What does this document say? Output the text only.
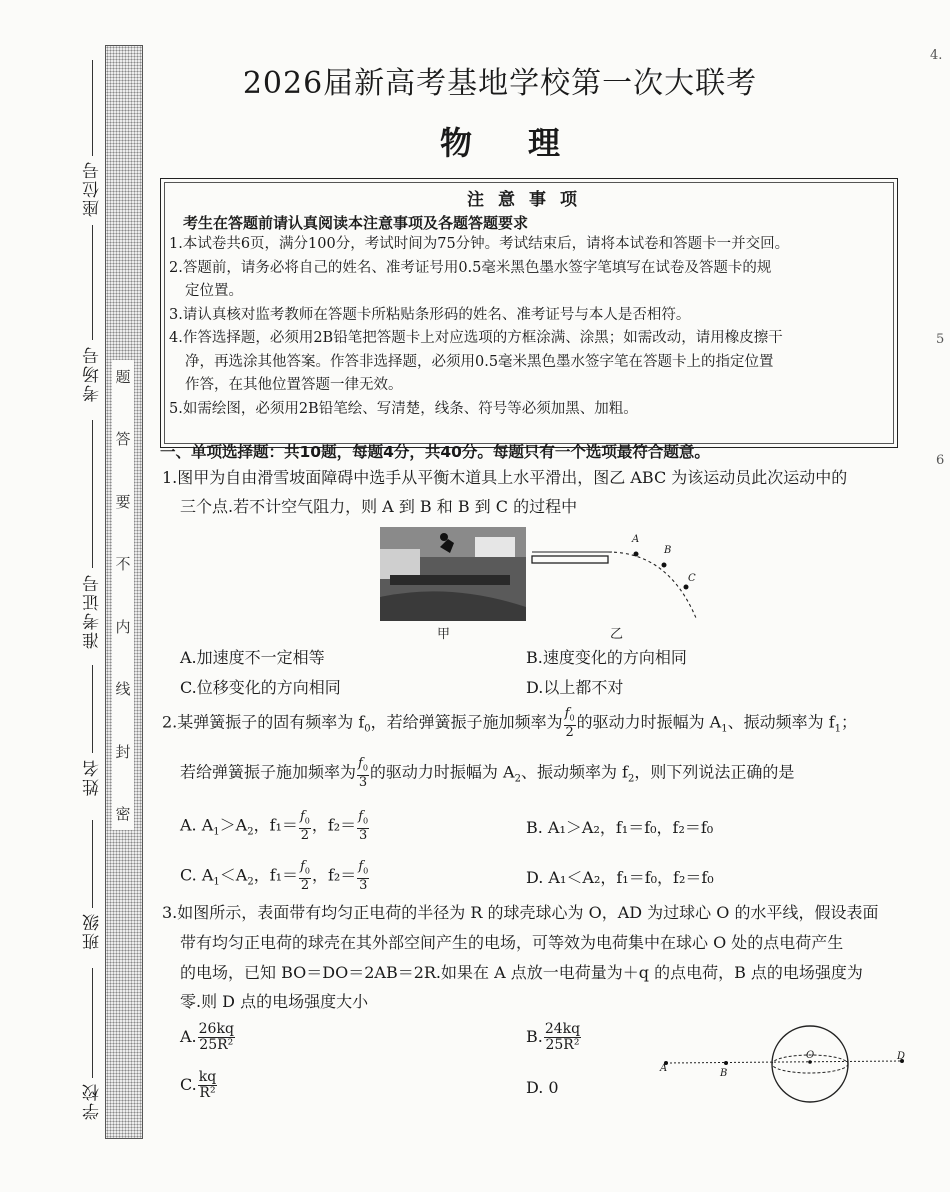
题
答
要
不
内
线
封
密
座位号
考场号
准考证号
姓名
班级
学校
4.
5
6
2026届新高考基地学校第一次大联考
物 理
注意事项
考生在答题前请认真阅读本注意事项及各题答题要求

1.本试卷共6页，满分100分，考试时间为75分钟。考试结束后，请将本试卷和答题卡一并交回。

2.答题前，请务必将自己的姓名、准考证号用0.5毫米黑色墨水签字笔填写在试卷及答题卡的规

定位置。

3.请认真核对监考教师在答题卡所粘贴条形码的姓名、准考证号与本人是否相符。

4.作答选择题，必须用2B铅笔把答题卡上对应选项的方框涂满、涂黑；如需改动，请用橡皮擦干

净，再选涂其他答案。作答非选择题，必须用0.5毫米黑色墨水签字笔在答题卡上的指定位置

作答，在其他位置答题一律无效。

5.如需绘图，必须用2B铅笔绘、写清楚，线条、符号等必须加黑、加粗。

一、单项选择题：共10题，每题4分，共40分。每题只有一个选项最符合题意。
1.图甲为自由滑雪坡面障碍中选手从平衡木道具上水平滑出，图乙 ABC 为该运动员此次运动中的
三个点.若不计空气阻力，则 A 到 B 和 B 到 C 的过程中
甲
A
B
C
乙
A.加速度不一定相等	B.速度变化的方向相同
C.位移变化的方向相同	D.以上都不对
2.某弹簧振子的固有频率为 $f_0$，若给弹簧振子施加频率为 $\frac{f_0}{2}$ 的驱动力时振幅为 $A_1$、振动频率为 $f_1$；
若给弹簧振子施加频率为 $\frac{f_0}{3}$ 的驱动力时振幅为 $A_2$、振动频率为 $f_2$，则下列说法正确的是
A. $A_1>A_2$，$f_1= \frac{f_0}{2}$ ，$f_2= \frac{f_0}{3}$	B. A₁＞A₂，f₁＝f₀，f₂＝f₀
C. $A_1<A_2$，$f_1= \frac{f_0}{2}$ ，$f_2= \frac{f_0}{3}$	D. A₁＜A₂，f₁＝f₀，f₂＝f₀
3.如图所示，表面带有均匀正电荷的半径为 R 的球壳球心为 O，AD 为过球心 O 的水平线，假设表面
带有均匀正电荷的球壳在其外部空间产生的电场，可等效为电荷集中在球心 O 处的点电荷产生
的电场，已知 BO＝DO＝2AB＝2R.如果在 A 点放一电荷量为＋q 的点电荷，B 点的电场强度为
零.则 D 点的电场强度大小
A. $\frac{26kq}{\text{25R²}}$	B. $\frac{24kq}{\text{25R²}}$
C. $\frac{kq}{\text{R²}}$	D. 0
A	B
O	D
